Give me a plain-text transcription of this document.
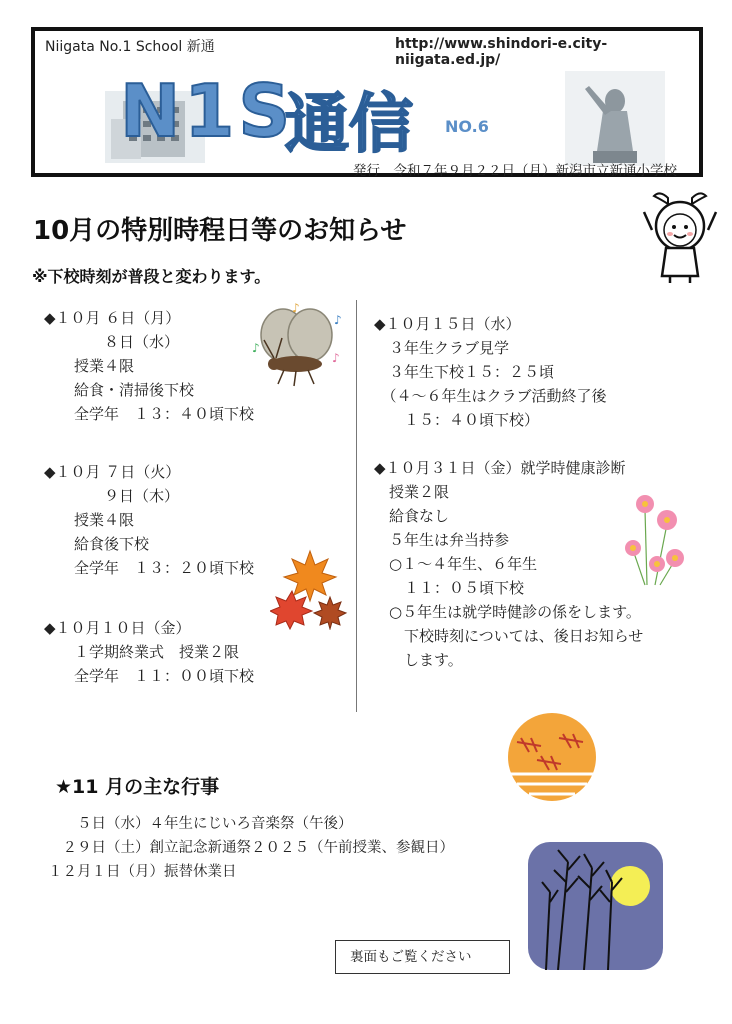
Niigata No.1 School 新通	http://www.shindori-e.city-niigata.ed.jp/
N1S
通信 NO.6
発行　令和７年９月２２日（月）新潟市立新通小学校
10月の特別時程日等のお知らせ
※下校時刻が普段と変わります。
◆１０月 ６日（月）
　　　　８日（水）
　　授業４限
　　給食・清掃後下校
　　全学年　１３：４０頃下校
◆１０月 ７日（火）
　　　　９日（木）
　　授業４限
　　給食後下校
　　全学年　１３：２０頃下校
◆１０月１０日（金）
　　１学期終業式　授業２限
　　全学年　１１：００頃下校
◆１０月１５日（水）
　３年生クラブ見学
　３年生下校１５：２５頃
　（４～６年生はクラブ活動終了後
　　１５：４０頃下校）
◆１０月３１日（金）就学時健康診断
　授業２限
　給食なし
　５年生は弁当持参
　○１～４年生、６年生
　　１１：０５頃下校
　○５年生は就学時健診の係をします。
　　下校時刻については、後日お知らせ
　　します。
♪
♪
♪
♪
★11 月の主な行事
　　５日（水）４年生にじいろ音楽祭（午後）
　２９日（土）創立記念新通祭２０２５（午前授業、参観日）
１２月１日（月）振替休業日
裏面もご覧ください
